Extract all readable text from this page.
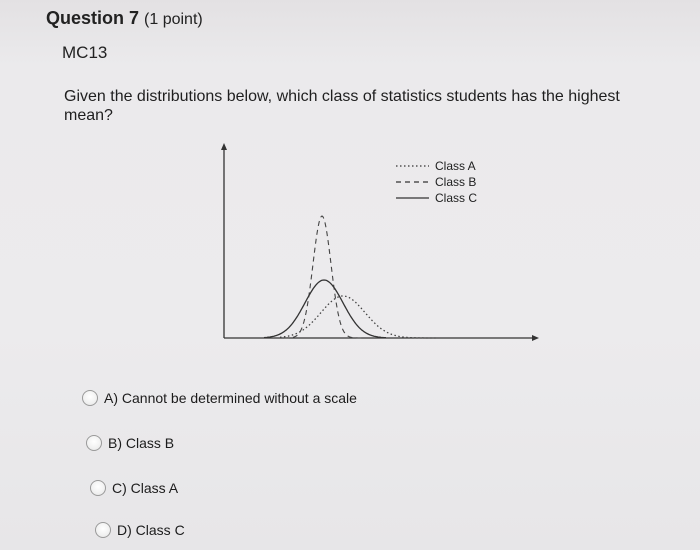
Question 7 (1 point)
MC13
Given the distributions below, which class of statistics students has the highest mean?
Class A
Class B
Class C
A) Cannot be determined without a scale
B) Class B
C) Class A
D) Class C
